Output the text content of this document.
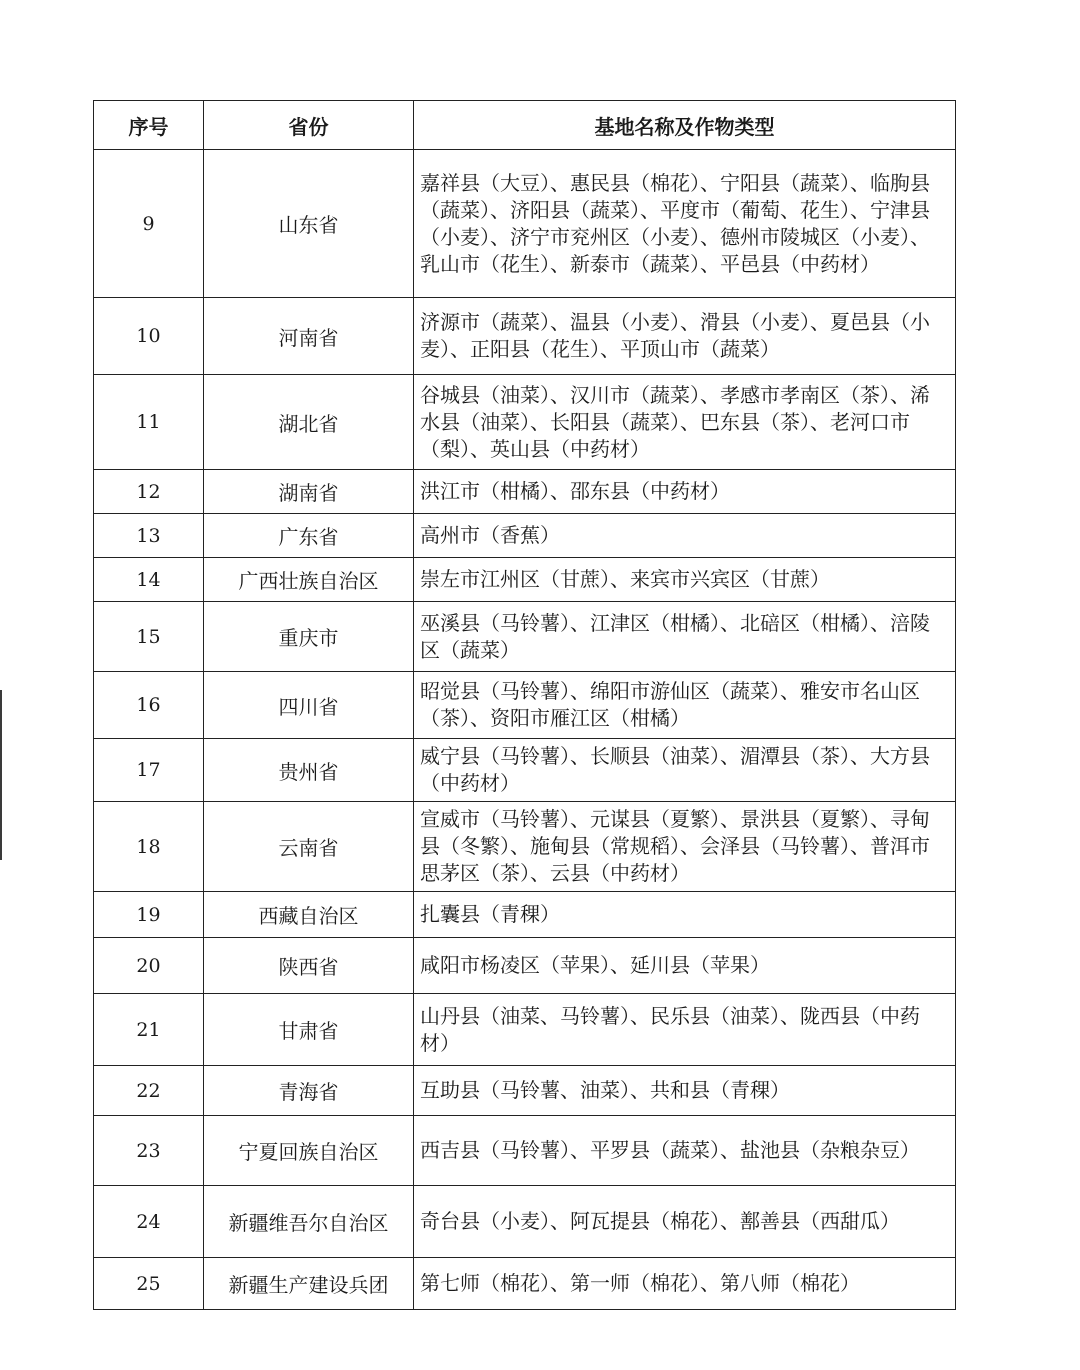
序号	省份	基地名称及作物类型
9	山东省	嘉祥县（大豆）、惠民县（棉花）、宁阳县（蔬菜）、临朐县（蔬菜）、济阳县（蔬菜）、平度市（葡萄、花生）、宁津县（小麦）、济宁市兖州区（小麦）、德州市陵城区（小麦）、乳山市（花生）、新泰市（蔬菜）、平邑县（中药材）
10	河南省	济源市（蔬菜）、温县（小麦）、滑县（小麦）、夏邑县（小麦）、正阳县（花生）、平顶山市（蔬菜）
11	湖北省	谷城县（油菜）、汉川市（蔬菜）、孝感市孝南区（茶）、浠水县（油菜）、长阳县（蔬菜）、巴东县（茶）、老河口市（梨）、英山县（中药材）
12	湖南省	洪江市（柑橘）、邵东县（中药材）
13	广东省	高州市（香蕉）
14	广西壮族自治区	崇左市江州区（甘蔗）、来宾市兴宾区（甘蔗）
15	重庆市	巫溪县（马铃薯）、江津区（柑橘）、北碚区（柑橘）、涪陵区（蔬菜）
16	四川省	昭觉县（马铃薯）、绵阳市游仙区（蔬菜）、雅安市名山区（茶）、资阳市雁江区（柑橘）
17	贵州省	威宁县（马铃薯）、长顺县（油菜）、湄潭县（茶）、大方县（中药材）
18	云南省	宣威市（马铃薯）、元谋县（夏繁）、景洪县（夏繁）、寻甸县（冬繁）、施甸县（常规稻）、会泽县（马铃薯）、普洱市思茅区（茶）、云县（中药材）
19	西藏自治区	扎囊县（青稞）
20	陕西省	咸阳市杨凌区（苹果）、延川县（苹果）
21	甘肃省	山丹县（油菜、马铃薯）、民乐县（油菜）、陇西县（中药材）
22	青海省	互助县（马铃薯、油菜）、共和县（青稞）
23	宁夏回族自治区	西吉县（马铃薯）、平罗县（蔬菜）、盐池县（杂粮杂豆）
24	新疆维吾尔自治区	奇台县（小麦）、阿瓦提县（棉花）、鄯善县（西甜瓜）
25	新疆生产建设兵团	第七师（棉花）、第一师（棉花）、第八师（棉花）
